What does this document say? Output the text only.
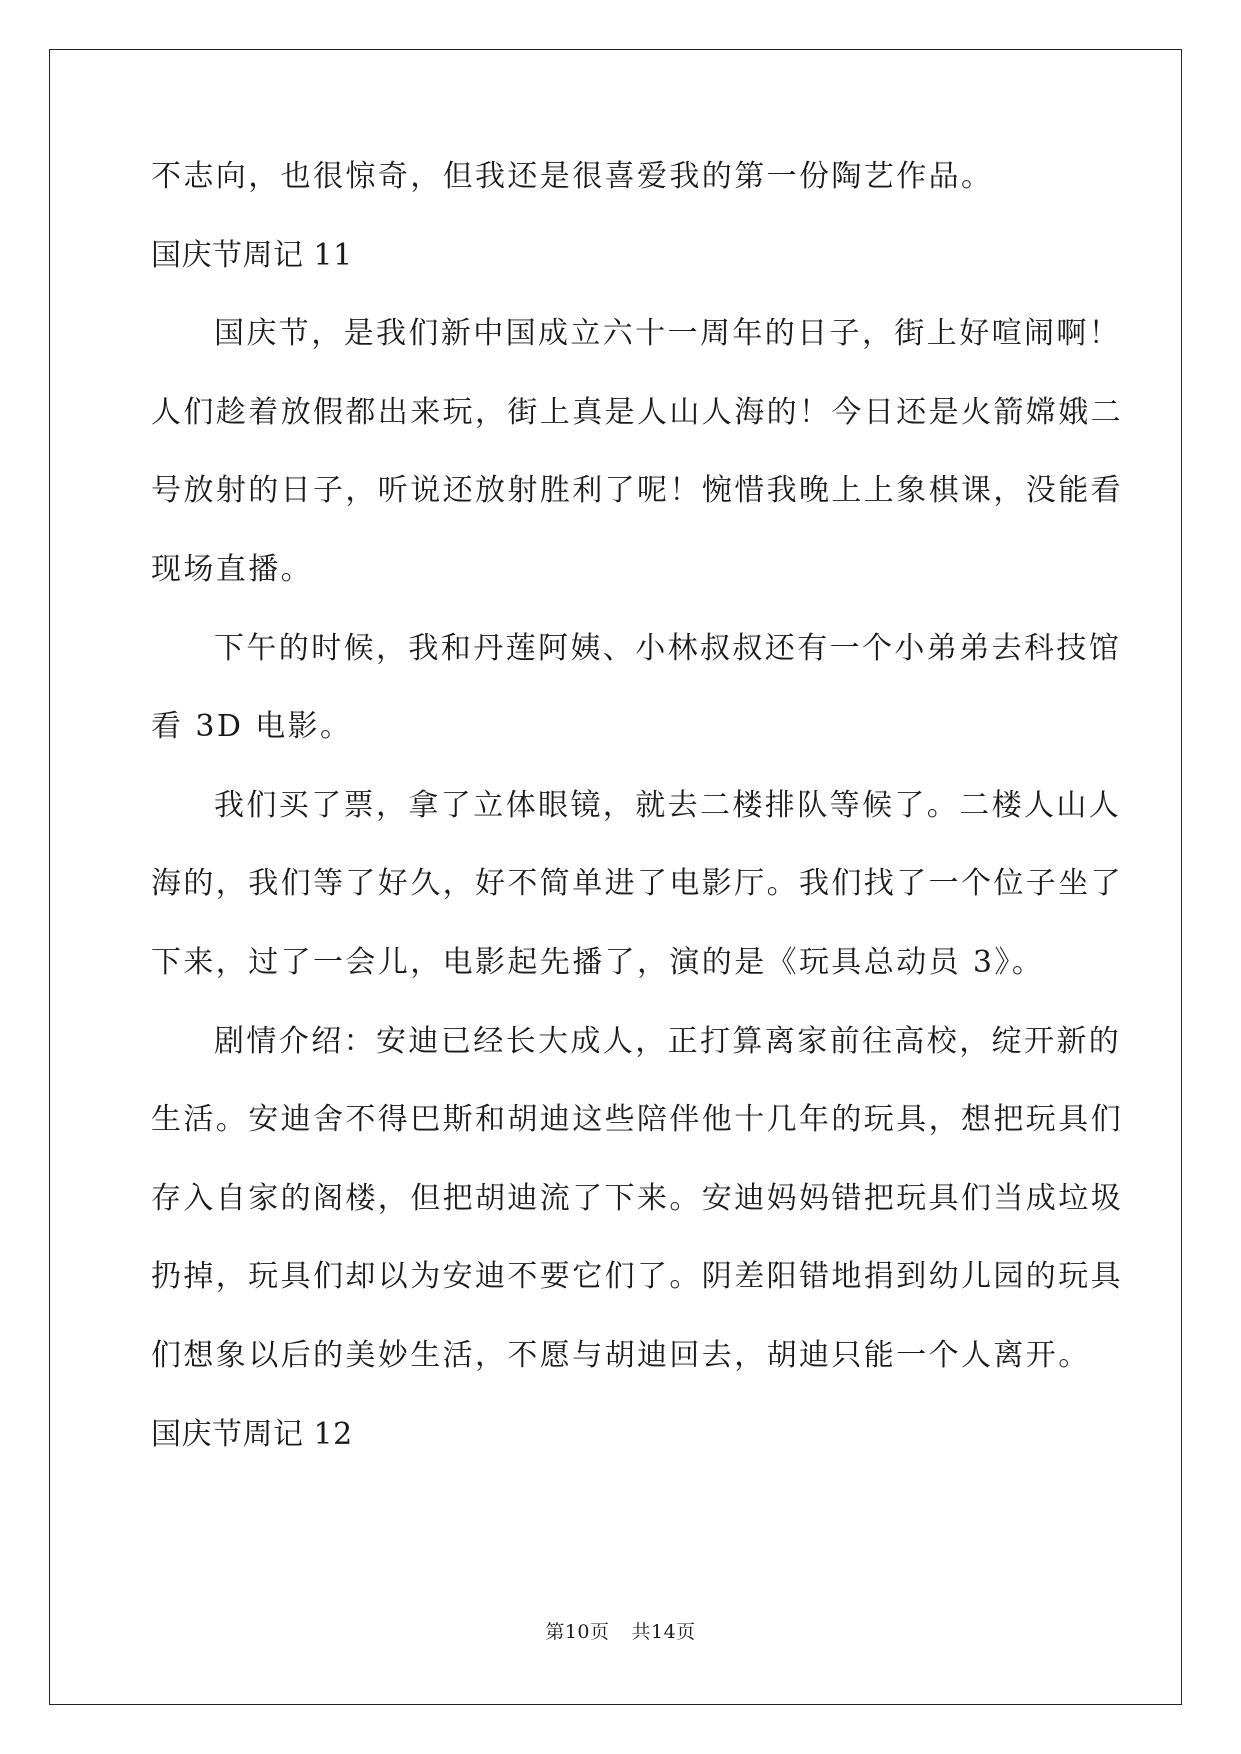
不志向，也很惊奇，但我还是很喜爱我的第一份陶艺作品。
国庆节周记 11
国庆节，是我们新中国成立六十一周年的日子，街上好喧闹啊！
人们趁着放假都出来玩，街上真是人山人海的！今日还是火箭嫦娥二
号放射的日子，听说还放射胜利了呢！惋惜我晚上上象棋课，没能看
现场直播。
下午的时候，我和丹莲阿姨、小林叔叔还有一个小弟弟去科技馆
看 3D 电影。
我们买了票，拿了立体眼镜，就去二楼排队等候了。二楼人山人
海的，我们等了好久，好不简单进了电影厅。我们找了一个位子坐了
下来，过了一会儿，电影起先播了，演的是《玩具总动员 3》。
剧情介绍：安迪已经长大成人，正打算离家前往高校，绽开新的
生活。安迪舍不得巴斯和胡迪这些陪伴他十几年的玩具，想把玩具们
存入自家的阁楼，但把胡迪流了下来。安迪妈妈错把玩具们当成垃圾
扔掉，玩具们却以为安迪不要它们了。阴差阳错地捐到幼儿园的玩具
们想象以后的美妙生活，不愿与胡迪回去，胡迪只能一个人离开。
国庆节周记 12
第10页 共14页
